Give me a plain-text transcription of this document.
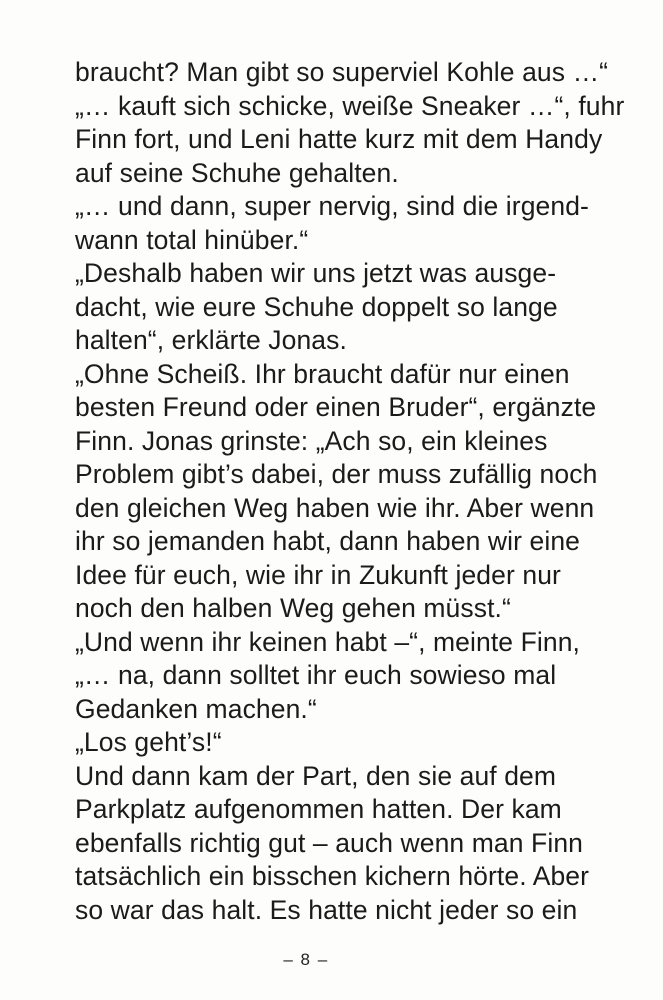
braucht? Man gibt so superviel Kohle aus …“
„… kauft sich schicke, weiße Sneaker …“, fuhr
Finn fort, und Leni hatte kurz mit dem Handy
auf seine Schuhe gehalten.
„… und dann, super nervig, sind die irgend-
wann total hinüber.“
„Deshalb haben wir uns jetzt was ausge-
dacht, wie eure Schuhe doppelt so lange
halten“, erklärte Jonas.
„Ohne Scheiß. Ihr braucht dafür nur einen
besten Freund oder einen Bruder“, ergänzte
Finn. Jonas grinste: „Ach so, ein kleines
Problem gibt’s dabei, der muss zufällig noch
den gleichen Weg haben wie ihr. Aber wenn
ihr so jemanden habt, dann haben wir eine
Idee für euch, wie ihr in Zukunft jeder nur
noch den halben Weg gehen müsst.“
„Und wenn ihr keinen habt –“, meinte Finn,
„… na, dann solltet ihr euch sowieso mal
Gedanken machen.“
„Los geht’s!“
Und dann kam der Part, den sie auf dem
Parkplatz aufgenommen hatten. Der kam
ebenfalls richtig gut – auch wenn man Finn
tatsächlich ein bisschen kichern hörte. Aber
so war das halt. Es hatte nicht jeder so ein
– 8 –
